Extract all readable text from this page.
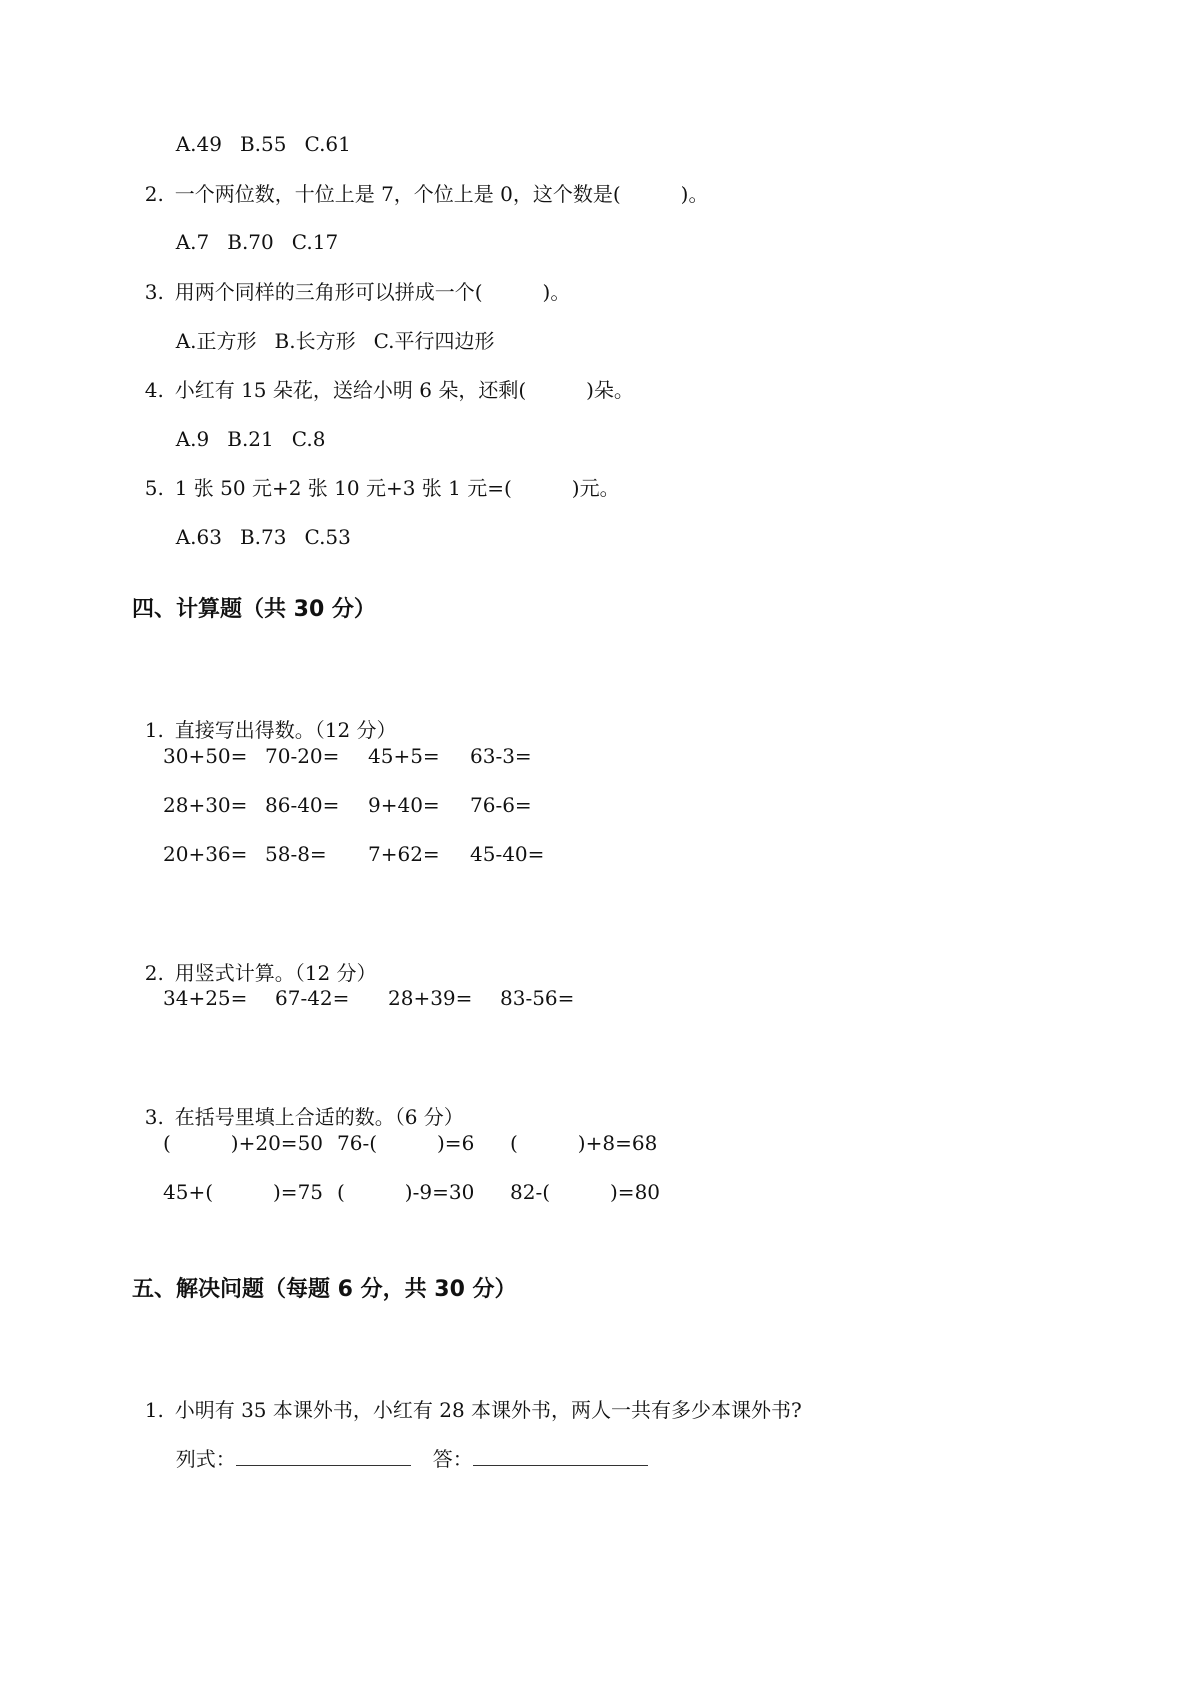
A.49 B.55 C.61

2. 一个两位数，十位上是 7，个位上是 0，这个数是(　　　)。

A.7 B.70 C.17

3. 用两个同样的三角形可以拼成一个(　　　)。

A.正方形 B.长方形 C.平行四边形

4. 小红有 15 朵花，送给小明 6 朵，还剩(　　　)朵。

A.9 B.21 C.8

5. 1 张 50 元+2 张 10 元+3 张 1 元=(　　　)元。

A.63 B.73 C.53

四、计算题（共 30 分）

1. 直接写出得数。（12 分）

30+50= 70-20= 45+5= 63-3=
28+30= 86-40= 9+40= 76-6=
20+36= 58-8= 7+62= 45-40=

2. 用竖式计算。（12 分）

34+25= 67-42= 28+39= 83-56=

3. 在括号里填上合适的数。（6 分）

(　　　)+20=50 76-(　　　)=6 (　　　)+8=68
45+(　　　)=75 (　　　)-9=30 82-(　　　)=80
五、解决问题（每题 6 分，共 30 分）

1. 小明有 35 本课外书，小红有 28 本课外书，两人一共有多少本课外书?

列式：	答：
